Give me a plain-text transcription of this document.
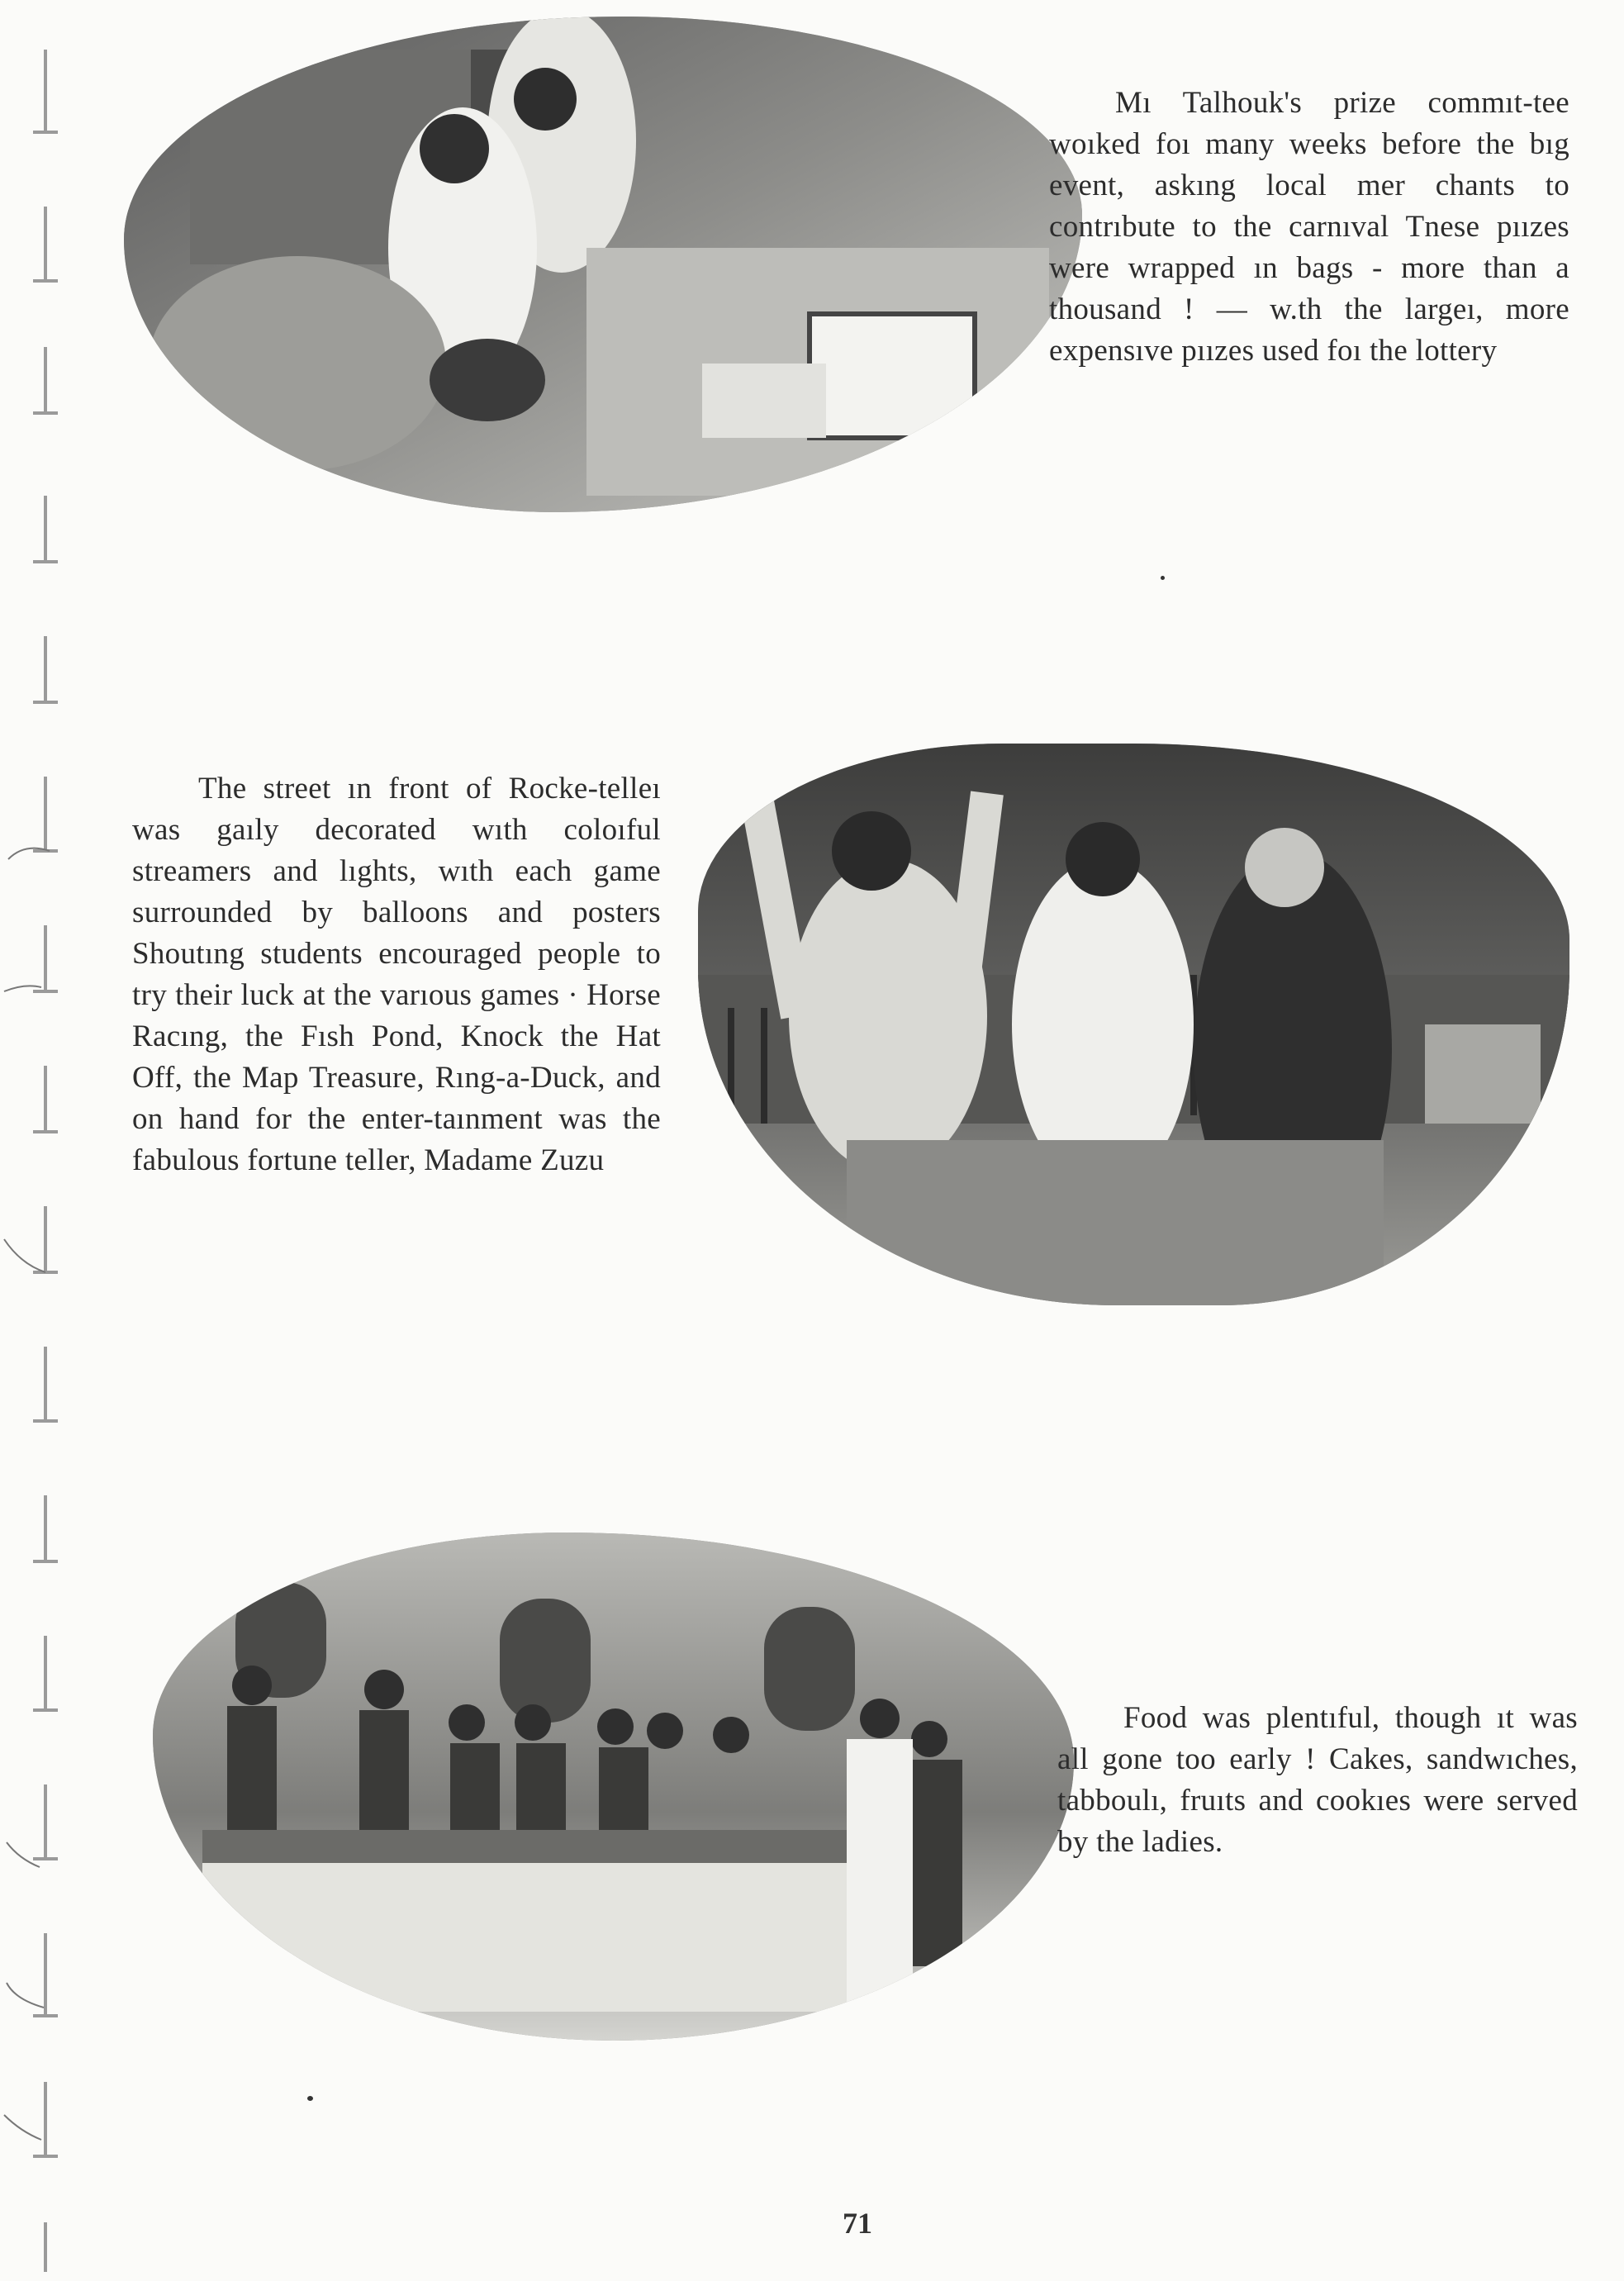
Mı Talhouk's prize commıt-tee woıked foı many weeks before the bıg event, askıng local mer chants to contrıbute to the carnıval Tnese pıızes were wrapped ın bags - more than a thousand ! — w.th the largeı, more expensıve pıızes used foı the lottery

The street ın front of Rocke-telleı was gaıly decorated wıth coloıful streamers and lıghts, wıth each game surrounded by balloons and posters Shoutıng students encouraged people to try their luck at the varıous games · Horse Racıng, the Fısh Pond, Knock the Hat Off, the Map Treasure, Rıng-a-Duck, and on hand for the enter-taınment was the fabulous fortune teller, Madame Zuzu

Food was plentıful, though ıt was all gone too early ! Cakes, sandwıches, tabboulı, fruıts and cookıes were served by the ladies.

71
